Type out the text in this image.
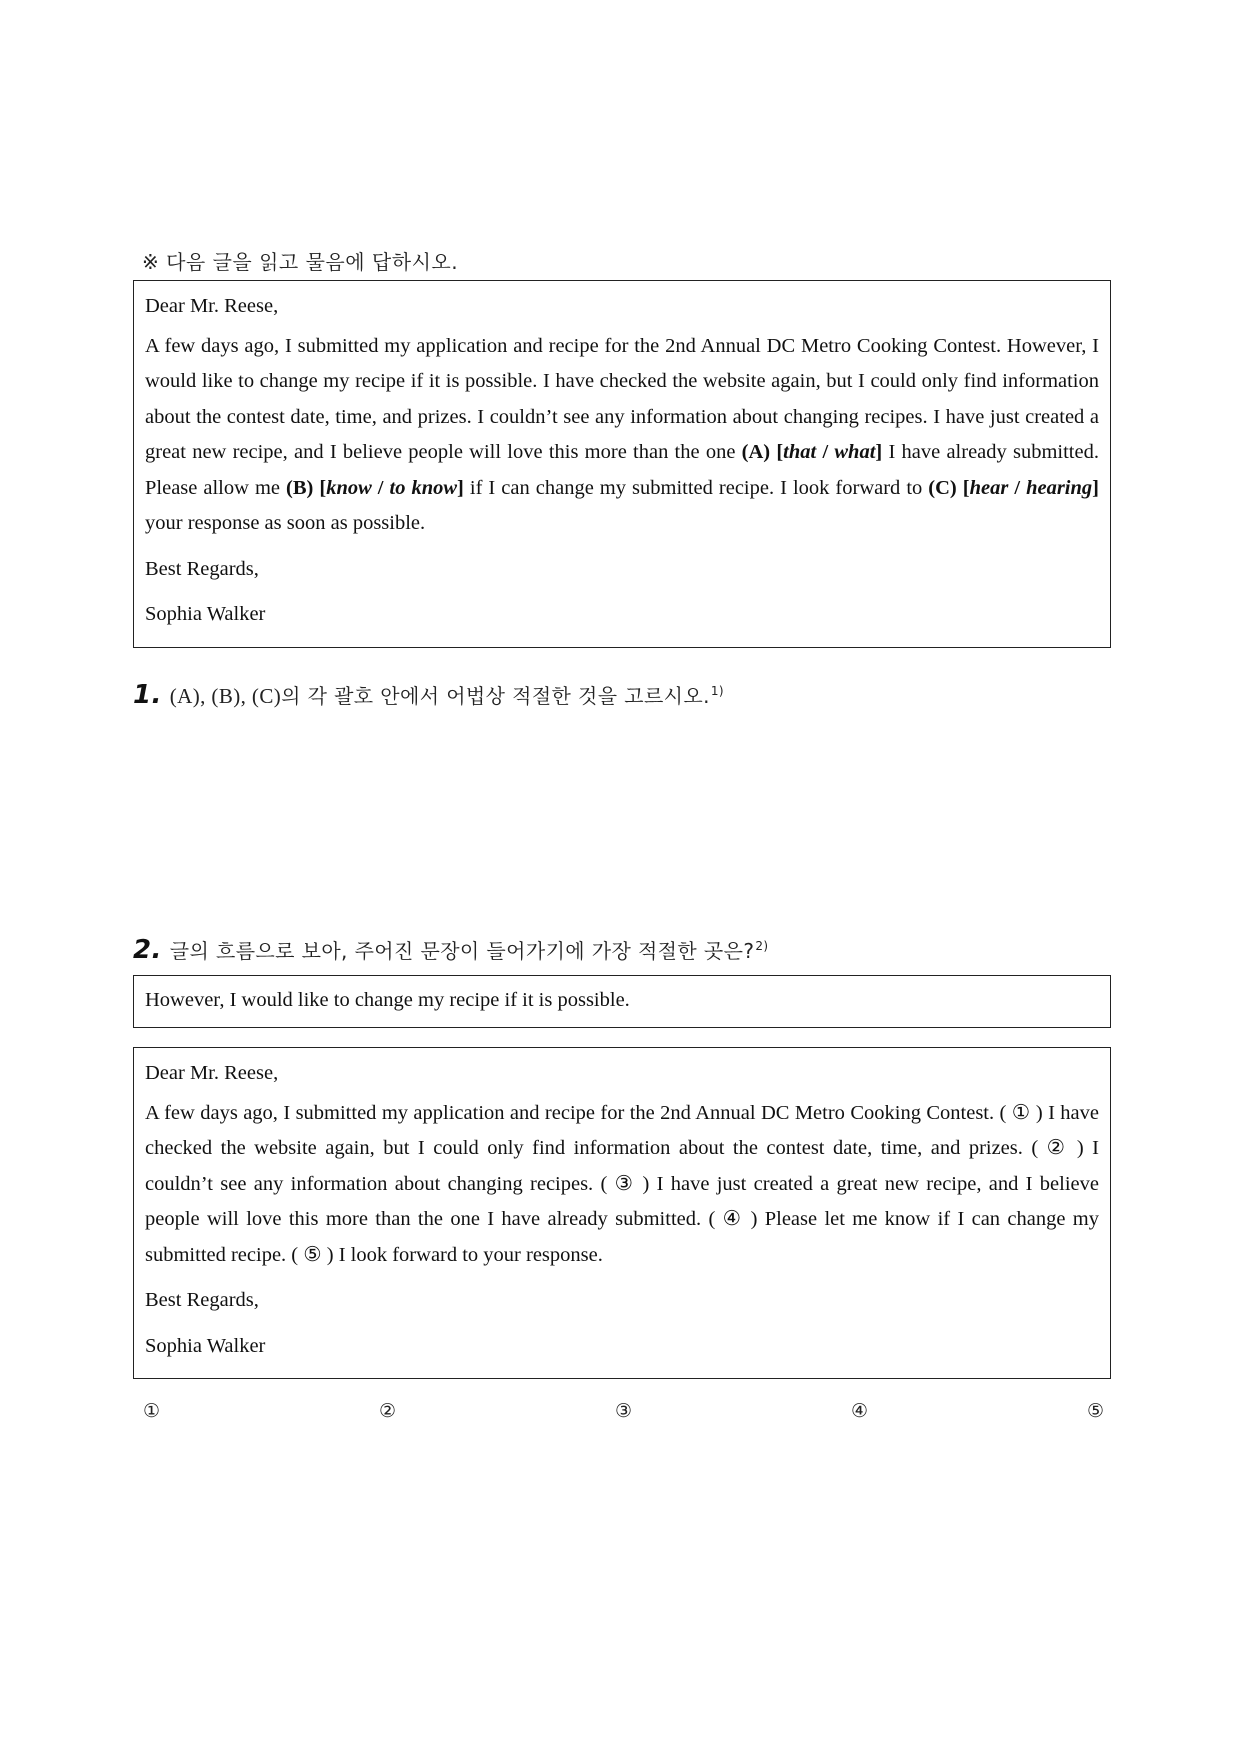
※ 다음 글을 읽고 물음에 답하시오.

Dear Mr. Reese,

A few days ago, I submitted my application and recipe for the 2nd Annual DC Metro Cooking Contest. However, I would like to change my recipe if it is possible. I have checked the website again, but I could only find information about the contest date, time, and prizes. I couldn’t see any information about changing recipes. I have just created a great new recipe, and I believe people will love this more than the one (A) [that / what] I have already submitted. Please allow me (B) [know / to know] if I can change my submitted recipe. I look forward to (C) [hear / hearing] your response as soon as possible.

Best Regards,

Sophia Walker

1. (A), (B), (C)의 각 괄호 안에서 어법상 적절한 것을 고르시오.$^{1)}$
2. 글의 흐름으로 보아, 주어진 문장이 들어가기에 가장 적절한 곳은?$^{2)}$

However, I would like to change my recipe if it is possible.

Dear Mr. Reese,

A few days ago, I submitted my application and recipe for the 2nd Annual DC Metro Cooking Contest. ( ① ) I have checked the website again, but I could only find information about the contest date, time, and prizes. ( ② ) I couldn’t see any information about changing recipes. ( ③ ) I have just created a great new recipe, and I believe people will love this more than the one I have already submitted. ( ④ ) Please let me know if I can change my submitted recipe. ( ⑤ ) I look forward to your response.

Best Regards,

Sophia Walker

①	②	③	④	⑤
